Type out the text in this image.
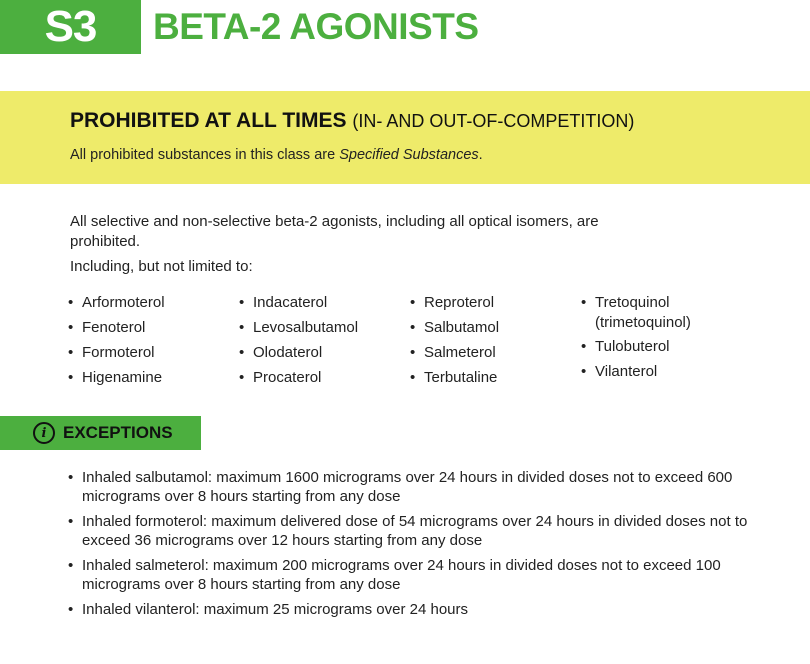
S3	BETA-2 AGONISTS
PROHIBITED AT ALL TIMES (IN- AND OUT-OF-COMPETITION)
All prohibited substances in this class are Specified Substances.
All selective and non-selective beta-2 agonists, including all optical isomers, are prohibited.
Including, but not limited to:
• Arformoterol
• Fenoterol
• Formoterol
• Higenamine
• Indacaterol
• Levosalbutamol
• Olodaterol
• Procaterol
• Reproterol
• Salbutamol
• Salmeterol
• Terbutaline
• Tretoquinol (trimetoquinol)
• Tulobuterol
• Vilanterol
i EXCEPTIONS
• Inhaled salbutamol: maximum 1600 micrograms over 24 hours in divided doses not to exceed 600 micrograms over 8 hours starting from any dose
• Inhaled formoterol: maximum delivered dose of 54 micrograms over 24 hours in divided doses not to exceed 36 micrograms over 12 hours starting from any dose
• Inhaled salmeterol: maximum 200 micrograms over 24 hours in divided doses not to exceed 100 micrograms over 8 hours starting from any dose
• Inhaled vilanterol: maximum 25 micrograms over 24 hours
